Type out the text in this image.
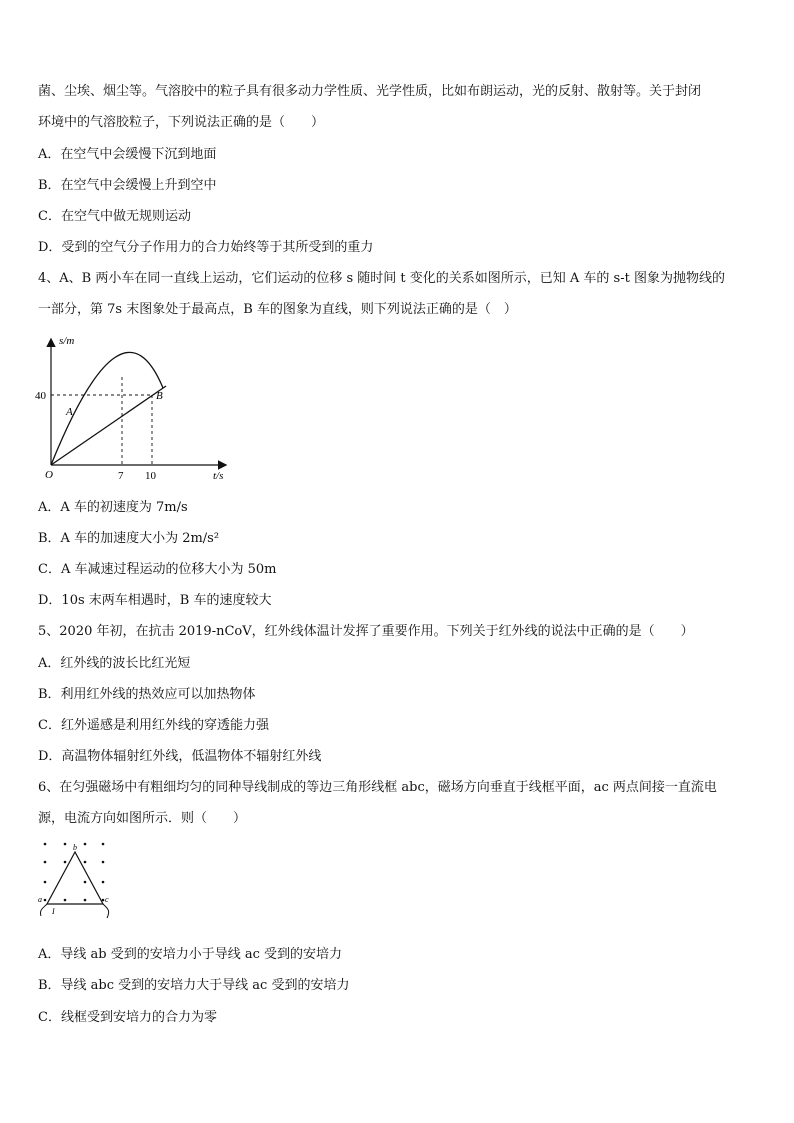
菌、尘埃、烟尘等。气溶胶中的粒子具有很多动力学性质、光学性质，比如布朗运动，光的反射、散射等。关于封闭
环境中的气溶胶粒子，下列说法正确的是（　　）
A．在空气中会缓慢下沉到地面
B．在空气中会缓慢上升到空中
C．在空气中做无规则运动
D．受到的空气分子作用力的合力始终等于其所受到的重力
4、A、B 两小车在同一直线上运动，它们运动的位移 s 随时间 t 变化的关系如图所示，已知 A 车的 s-t 图象为抛物线的
一部分，第 7s 末图象处于最高点，B 车的图象为直线，则下列说法正确的是（　）
s/m
t/s
O
40
7 10
A
B
A．A 车的初速度为 7m/s
B．A 车的加速度大小为 2m/s²
C．A 车减速过程运动的位移大小为 50m
D．10s 末两车相遇时，B 车的速度较大
5、2020 年初，在抗击 2019-nCoV，红外线体温计发挥了重要作用。下列关于红外线的说法中正确的是（　　）
A．红外线的波长比红光短
B．利用红外线的热效应可以加热物体
C．红外遥感是利用红外线的穿透能力强
D．高温物体辐射红外线，低温物体不辐射红外线
6、在匀强磁场中有粗细均匀的同种导线制成的等边三角形线框 abc，磁场方向垂直于线框平面，ac 两点间接一直流电
源，电流方向如图所示．则（　　）
b
a	c
I
A．导线 ab 受到的安培力小于导线 ac 受到的安培力
B．导线 abc 受到的安培力大于导线 ac 受到的安培力
C．线框受到安培力的合力为零
